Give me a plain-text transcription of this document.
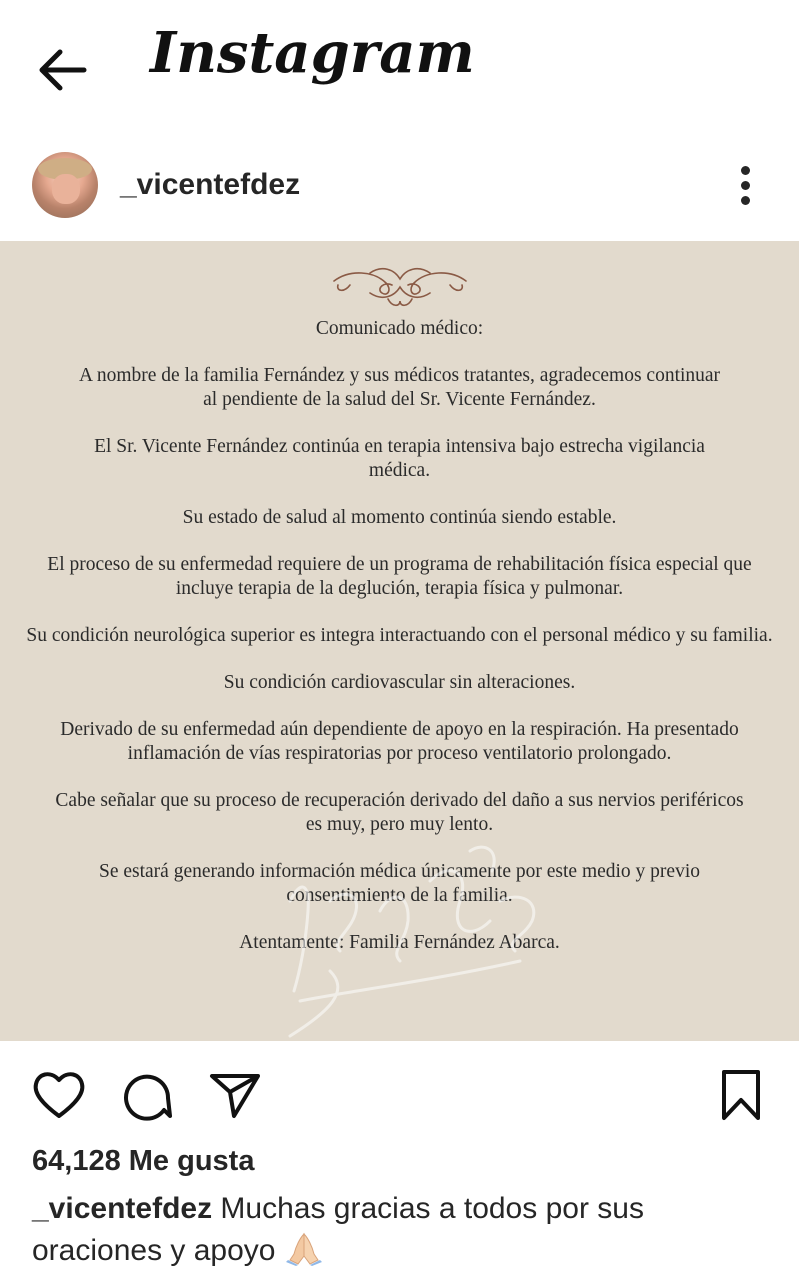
Instagram
_vicentefdez

Comunicado médico:

A nombre de la familia Fernández y sus médicos tratantes, agradecemos continuar al pendiente de la salud del Sr. Vicente Fernández.

El Sr. Vicente Fernández continúa en terapia intensiva bajo estrecha vigilancia médica.

Su estado de salud al momento continúa siendo estable.

El proceso de su enfermedad requiere de un programa de rehabilitación física especial que incluye terapia de la deglución, terapia física y pulmonar.

Su condición neurológica superior es integra interactuando con el personal médico y su familia.

Su condición cardiovascular sin alteraciones.

Derivado de su enfermedad aún dependiente de apoyo en la respiración. Ha presentado inflamación de vías respiratorias por proceso ventilatorio prolongado.

Cabe señalar que su proceso de recuperación derivado del daño a sus nervios periféricos es muy, pero muy lento.

Se estará generando información médica únicamente por este medio y previo consentimiento de la familia.

Atentamente: Familia Fernández Abarca.

64,128 Me gusta
_vicentefdez Muchas gracias a todos por sus oraciones y apoyo
